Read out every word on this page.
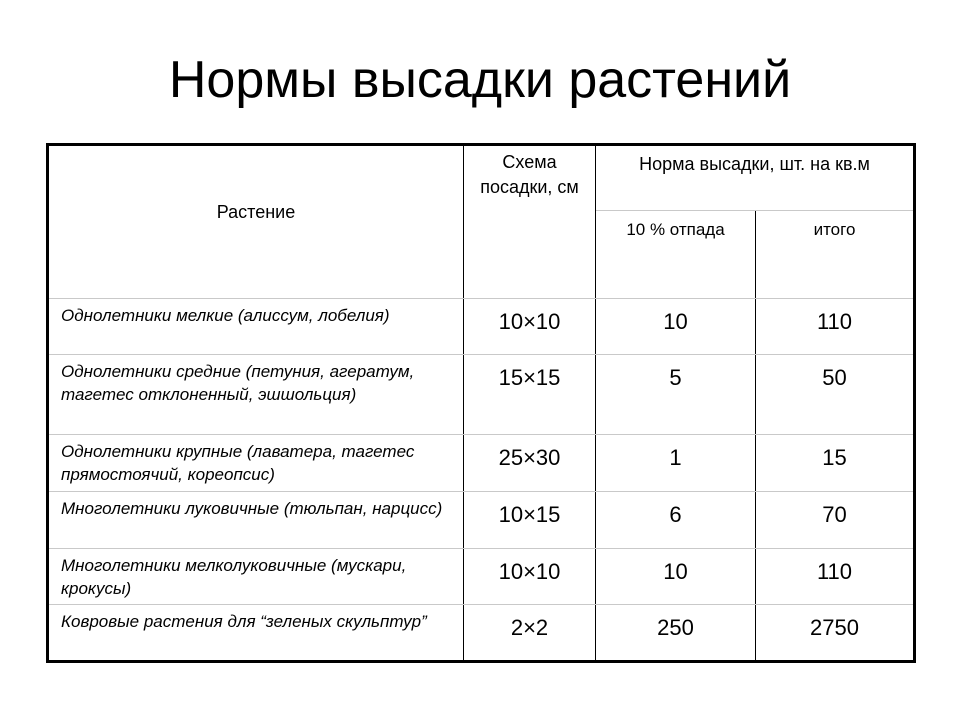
Нормы высадки растений
Растение	Схема посадки, см	Норма высадки, шт. на кв.м	
		10 % отпада	итого
Однолетники мелкие (алиссум, лобелия)	10×10	10	110
Однолетники средние (петуния, агератум, тагетес отклоненный, эшшольция)	15×15	5	50
Однолетники крупные (лаватера, тагетес прямостоячий, кореопсис)	25×30	1	15
Многолетники луковичные (тюльпан, нарцисс)	10×15	6	70
Многолетники мелколуковичные (мускари, крокусы)	10×10	10	110
Ковровые растения для “зеленых скульптур”	2×2	250	2750
